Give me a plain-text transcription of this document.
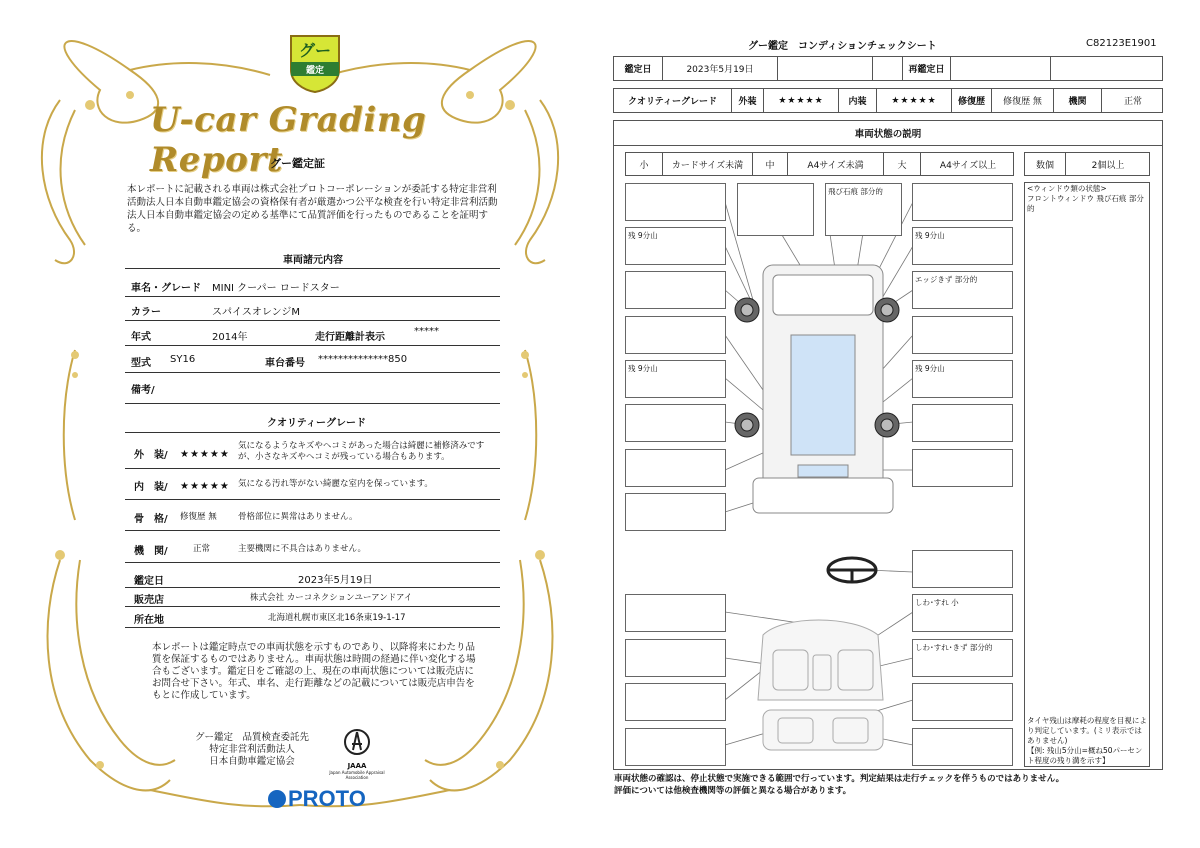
グー
鑑定
U-car Grading Report
グー鑑定証
本レポートに記載される車両は株式会社プロトコーポレーションが委託する特定非営利活動法人日本自動車鑑定協会の資格保有者が厳選かつ公平な検査を行い特定非営利活動法人日本自動車鑑定協会の定める基準にて品質評価を行ったものであることを証明する。
車両諸元内容
車名・グレード MINI クーパー ロードスター
カラー	スパイスオレンジM
年式	2014年	走行距離計表示
*****
型式 SY16	車台番号 **************850
備考/
クオリティーグレード
外　装/ ★★★★★
気になるようなキズやヘコミがあった場合は綺麗に補修済みですが、小さなキズやヘコミが残っている場合もあります。
内　装/ ★★★★★ 気になる汚れ等がない綺麗な室内を保っています。
骨　格/ 修復歴 無	骨格部位に異常はありません。
機　関/	正常	主要機関に不具合はありません。
鑑定日	2023年5月19日
販売店	株式会社 カーコネクションユーアンドアイ
所在地	北海道札幌市東区北16条東19-1-17
本レポートは鑑定時点での車両状態を示すものであり、以降将来にわたり品質を保証するものではありません。車両状態は時間の経過に伴い変化する場合もございます。鑑定日をご確認の上、現在の車両状態については販売店にお問合せ下さい。年式、車名、走行距離などの記載については販売店申告をもとに作成しています。
グー鑑定　品質検査委託先
特定非営利活動法人
日本自動車鑑定協会	JAAA
Japan Automobile Appraisal Association
PROTO
グー鑑定　コンディションチェックシート	C82123E1901
鑑定日	2023年5月19日	再鑑定日
クオリティーグレード	外装	★★★★★	内装	★★★★★	修復歴	修復歴 無	機関	正常
車両状態の説明
小	カードサイズ未満	中	A4サイズ未満	大	A4サイズ以上	数個	2個以上
<ウィンドウ類の状態>
フロントウィンドウ 飛び石痕 部分的
タイヤ残山は摩耗の程度を目視により判定しています。(ミリ表示ではありません)
【例: 残山5分山=概ね50パーセント程度の残り溝を示す】
残 9分山
残 9分山
飛び石痕 部分的
残 9分山
エッジきず 部分的
残 9分山
しわ･すれ 小
しわ･すれ･きず 部分的
車両状態の確認は、停止状態で実施できる範囲で行っています。判定結果は走行チェックを伴うものではありません。
評価については他検査機関等の評価と異なる場合があります。
